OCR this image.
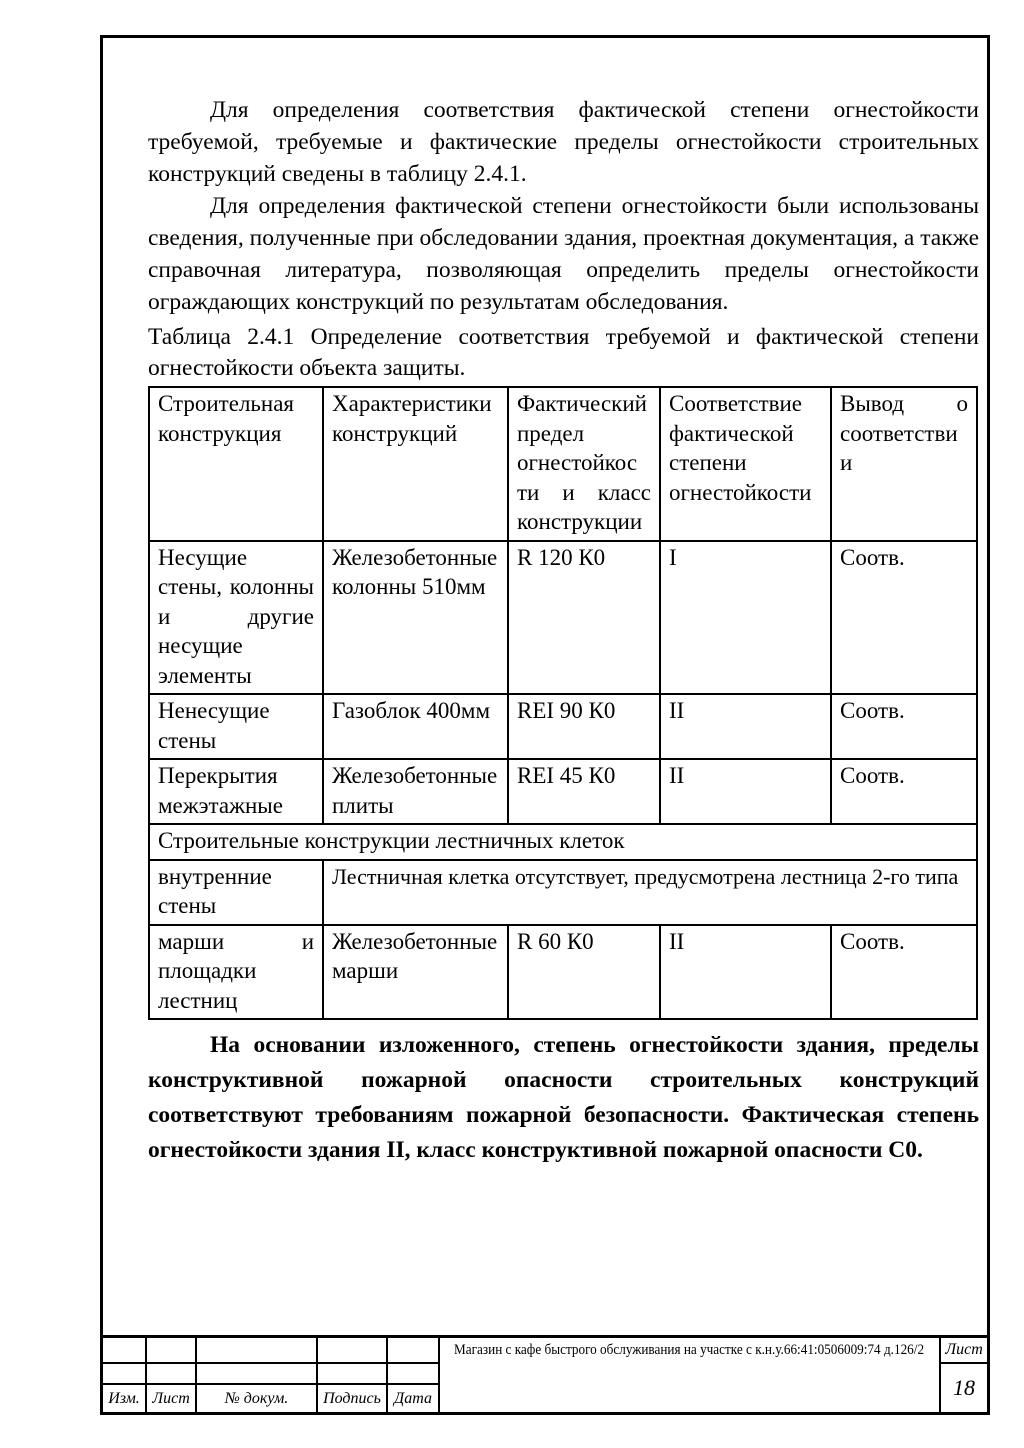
Для определения соответствия фактической степени огнестойкости требуемой, требуемые и фактические пределы огнестойкости строительных конструкций сведены в таблицу 2.4.1.

Для определения фактической степени огнестойкости были использованы сведения, полученные при обследовании здания, проектная документация, а также справочная литература, позволяющая определить пределы огнестойкости ограждающих конструкций по результатам обследования.

Таблица 2.4.1 Определение соответствия требуемой и фактической степени огнестойкости объекта защиты.

Строительная конструкция	Характеристики конструкций	Фактический предел огнестойкос ти и класс конструкции	Соответствие фактической степени огнестойкости	Вывод о соответстви и
Несущие стены, колонны и другие несущие элементы	Железобетонные колонны 510мм	R 120 К0	I	Соотв.
Ненесущие стены	Газоблок 400мм	REI 90 К0	II	Соотв.
Перекрытия межэтажные	Железобетонные плиты	REI 45 К0	II	Соотв.
Строительные конструкции лестничных клеток				
внутренние стены	Лестничная клетка отсутствует, предусмотрена лестница 2-го типа			
марши и площадки лестниц	Железобетонные марши	R 60 К0	II	Соотв.

На основании изложенного, степень огнестойкости здания, пределы конструктивной пожарной опасности строительных конструкций соответствуют требованиям пожарной безопасности. Фактическая степень огнестойкости здания II, класс конструктивной пожарной опасности С0.

Изм. Лист	№ докум.	Подпись Дата
Магазин с кафе быстрого обслуживания на участке с к.н.у.66:41:0506009:74 д.126/2 Лист
18
